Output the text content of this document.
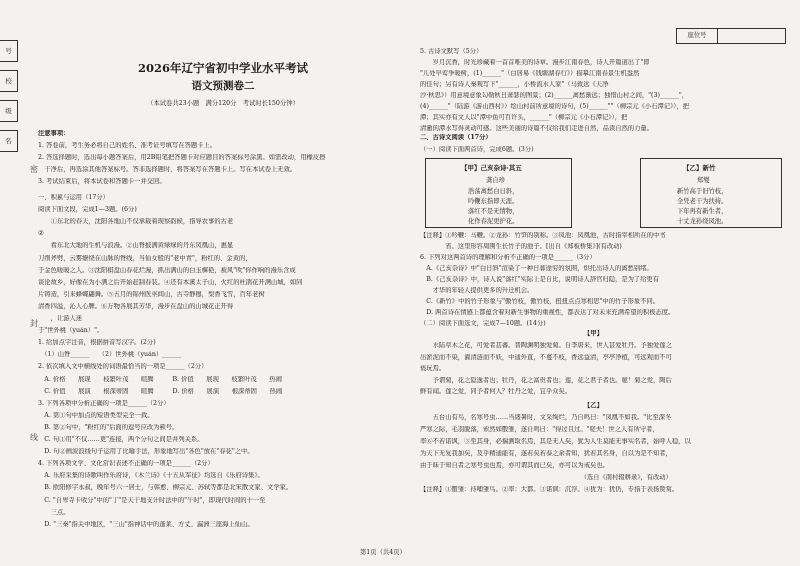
号
校
级
名
密
封
线
2026年辽宁省初中学业水平考试
语文预测卷二
（本试卷共23小题　满分120分　考试时长150分钟）
座位号
注意事项：
1. 答卷前，考生务必将自己的姓名、准考证号填写在答题卡上。
2. 答选择题时，选出每小题答案后，用2B铅笔把答题卡对应题目的答案标号涂黑。如需改动，用橡皮擦
　干净后，再选涂其他答案标号。答非选择题时，将答案写在答题卡上。写在本试卷上无效。
3. 考试结束后，将本试卷和答题卡一并交回。
一、积累与运用（17分）
阅读下面文段，完成1—3题。(6分)
　　①东北的春天，沈阳各地山不仅承载着现察韵候，指导农事的古老
②
　　看东北大地的生机与浪漫。②山脊披满黄绿绿的丹东凤凰山，惠显
刀削斧劈，云雾缭绕在山脉的脊线，当仙女般的"老中青"，粉红的、金黄的，
于金色暖暖之人。③沈阳棋盘山春花烂漫，抓出满山的白玉樨艳，被风"吹"你作响的漫乐含成
谈论故乡，好像在为小满之后开始赶制春装。④还有本溪太子山，火红的杜鹃花开满山城，如同
片铸造，引来蜂蝶翩舞。⑤五月的锦州医巫闾山，古寺静穆，梨香飞雪，百年老树
清香四溢，沁人心脾。⑥万物各展其芳华，漫步在盘山的山城花正开得
　　，让游人迷
于"世外桃（yuán）"。
1. 给加点字注音，根据拼音写汉字。(2分)
　（1）山脊______　　（2）世外桃（yuán）______
2. 依次填入文中横线处的词语最恰当的一项是______（2分）
　A. 价格　　展现　　枝繁叶茂　　暄腾　　　B. 价值　　展现　　枝繁叶茂　　热闹
　C. 价值　　展演　　根深蒂固　　暄腾　　　D. 价格　　展演　　根深蒂固　　热闹
3. 下列各项中分析正确的一项是______（2分）
　A. 第①句中加点的短语类型完全一致。
　B. 第②句中，"粉红的"后面的逗号应改为顿号。
　C. 句①用"不仅……更"连接，两个分句之间是并列关系。
　D. 句②画波浪线句子运用了比喻手法，形象地写出"各色"放在"春花"之中。
4. 下列各项文学、文化常识表述不正确的一项是______（2分）
　A. 乐府采集的诗歌叫作乐府诗，《木兰诗》《十五从军征》均选自《乐府诗集》。
　B. 欧阳修字永叔，晚年号六一居士，与韩愈、柳宗元、苏轼等都是北宋散文家、文学家。
　C. "自卑寺卡收分"中的"丁"是天干地支计时法中的"午时"，即现代时间的十一至
　　三点。
　D. "三秦"指关中地区，"三山"指神话中的蓬莱、方丈、瀛洲三座海上仙山。
5. 古诗文默写（5分）
　　岁月沉香，时光珍藏着一首首唯美的诗章。漫步江南春色，诗人开篇道出了"即
"儿处早莺争暖树，(1)______"（白居易《钱塘湖春行》）描摹江南春景生机盎然
的佳句；另有诗人秦观写下"______，小桥流水人家"（马致远《天净
沙·秋思》）用意境意象勾勒秋日萧瑟的图景；(2)______离愁渐远；独惜山村之间，"(3)______"，
(4)______"（陆游《游山西村》）绘山村前所意境的诗句，(5)______""（柳宗元《小石潭记》），把
潭；其实亦有文人以"潭中鱼可百许头，______"（柳宗元《小石潭记》），把
清澈的潭水写得灵动可感。这些美丽的诗篇不仅给我们走进自然，品读自然的力量。
二、古诗文阅读（17分）
（一）阅读下面两首诗，完成6题。(3分)
【甲】己亥杂诗·其五
龚自珍
浩荡离愁白日斜，
吟鞭东指即天涯。
落红不是无情物，
化作春泥更护花。
【乙】新竹
郑燮
新竹高于旧竹枝，
全凭老干为扶持。
下年再有新生者，
十丈龙孙绕凤池。
【注释】①吟鞭：马鞭。②龙孙：竹笋的别称。③凤池：凤凰池，古时指宰相所在的中书
　　　　省。这里形容周围生长竹子的池子。[出自《郑板桥集》](有改动)
6. 下列对这两首诗的理解和分析不正确的一项是______（3分）
　A.《己亥杂诗》中"白日斜"渲染了一种日暮途穷的氛围，烘托出诗人的离愁别绪。
　B.《己亥杂诗》中，诗人说"落红"实际上是自比，说明诗人辞官归隐，是为了给更有
　　才华的年轻人提供更多的升迁机会。
　C.《新竹》中的竹子形象与"傲竹枝，傲竹枝，扭扭点点寒相思"中的竹子形象不同。
　D. 两首诗在情感上都蕴含着对新生事物的重视性，都表达了对未来充满希望的积极态度。
（二）阅读下面选文，完成7—10题。(14分)
【甲】
　　水陆草木之花，可爱者甚蕃。晋陶渊明独爱菊。自李唐来，世人甚爱牡丹。予独爱莲之
出淤泥而不染，濯清涟而不妖，中通外直，不蔓不枝，香远益清，亭亭净植，可远观而不可
亵玩焉。
　　予谓菊，花之隐逸者也；牡丹，花之富贵者也；莲，花之君子者也。噫！菊之爱，陶后
鲜有闻。莲之爱，同予者何人？牡丹之爱，宜乎众矣。
【乙】
　　五台山有鸟，名寒号虫……当盛暑时，文采绚烂，乃自鸣曰："凤凰不如我。"比至深冬
严寒之际，毛羽脱落，索然如鷇雏，遂自鸣曰："得过且过。"嗟夫！世之人有所守者，
率⑥不若诺讽，③至其身，必揣测取名焉，其是无人矣，犹为人生莫能无事实名者，始呼人稳，以
为天下无复我加矣，及乎精通能有，遂若矣若泰之余者知，犹若其名身，自以为是不知者，
由于昧于知自者之寒号虫也焉，亦可谓其而已矣，亦可以为戒矣也。
　　　　　　　　　　　　　　　　　　　　　　　　　　（选自《南村辍耕录》，有改动）
【注释】①鷇雏：待哺雏鸟。②率：大都。③诺讽：沉浮。④犹为：犹仍，专指于表扬赞赏。
第1页（共4页）
